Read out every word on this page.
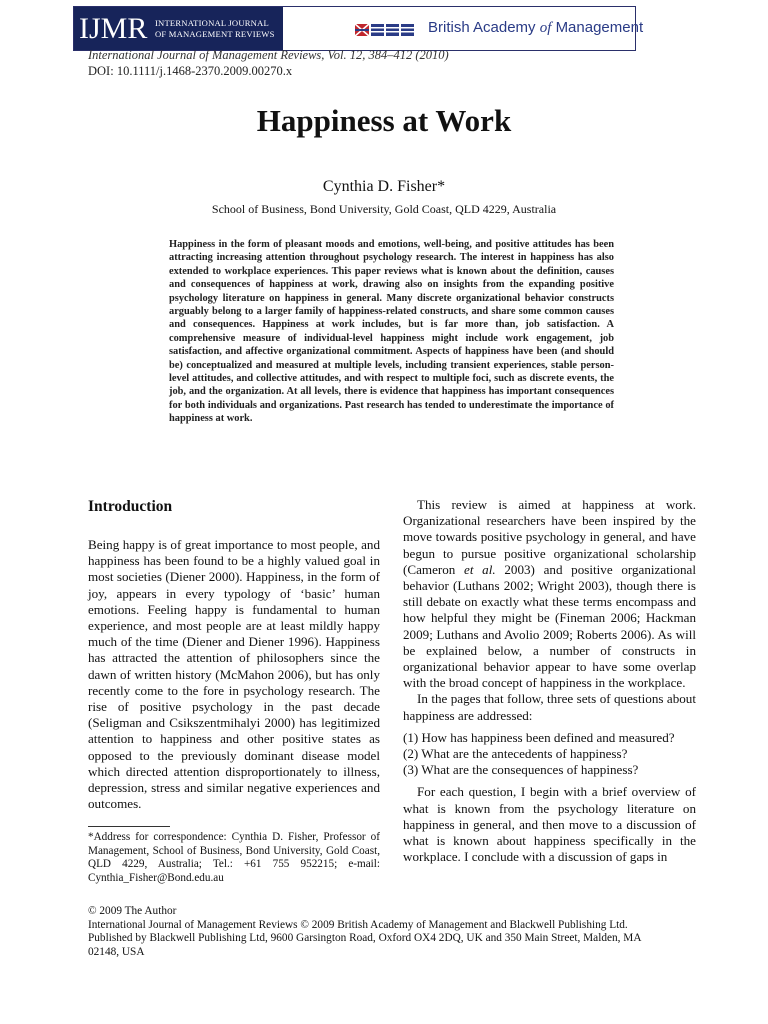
IJMR INTERNATIONAL JOURNAL
OF MANAGEMENT REVIEWS	British Academy of Management
International Journal of Management Reviews, Vol. 12, 384–412 (2010)
DOI: 10.1111/j.1468-2370.2009.00270.x
Happiness at Work
Cynthia D. Fisher*
School of Business, Bond University, Gold Coast, QLD 4229, Australia
Happiness in the form of pleasant moods and emotions, well-being, and positive attitudes has been attracting increasing attention throughout psychology research. The interest in happiness has also extended to workplace experiences. This paper reviews what is known about the definition, causes and consequences of happiness at work, drawing also on insights from the expanding positive psychology literature on happiness in general. Many discrete organizational behavior constructs arguably belong to a larger family of happiness-related constructs, and share some common causes and consequences. Happiness at work includes, but is far more than, job satisfaction. A comprehensive measure of individual-level happiness might include work engagement, job satisfaction, and affective organizational commitment. Aspects of happiness have been (and should be) conceptualized and measured at multiple levels, including transient experiences, stable person-level attitudes, and collective attitudes, and with respect to multiple foci, such as discrete events, the job, and the organization. At all levels, there is evidence that happiness has important consequences for both individuals and organizations. Past research has tended to underestimate the importance of happiness at work.
Introduction

Being happy is of great importance to most people, and happiness has been found to be a highly valued goal in most societies (Diener 2000). Happiness, in the form of joy, appears in every typology of ‘basic’ human emotions. Feeling happy is fundamental to human experience, and most people are at least mildly happy much of the time (Diener and Diener 1996). Happiness has attracted the attention of philosophers since the dawn of written history (McMahon 2006), but has only recently come to the fore in psychology research. The rise of positive psychology in the past decade (Seligman and Csikszentmihalyi 2000) has legitimized attention to happiness and other positive states as opposed to the previously dominant disease model which directed attention disproportionately to illness, depression, stress and similar negative experiences and outcomes.

*Address for correspondence: Cynthia D. Fisher, Professor of Management, School of Business, Bond University, Gold Coast, QLD 4229, Australia; Tel.: +61 755 952215; e-mail: Cynthia_Fisher@Bond.edu.au

This review is aimed at happiness at work. Organizational researchers have been inspired by the move towards positive psychology in general, and have begun to pursue positive organizational scholarship (Cameron et al. 2003) and positive organizational behavior (Luthans 2002; Wright 2003), though there is still debate on exactly what these terms encompass and how helpful they might be (Fineman 2006; Hackman 2009; Luthans and Avolio 2009; Roberts 2006). As will be explained below, a number of constructs in organizational behavior appear to have some overlap with the broad concept of happiness in the workplace.

In the pages that follow, three sets of questions about happiness are addressed:

(1) How has happiness been defined and measured?
(2) What are the antecedents of happiness?
(3) What are the consequences of happiness?

For each question, I begin with a brief overview of what is known from the psychology literature on happiness in general, and then move to a discussion of what is known about happiness specifically in the workplace. I conclude with a discussion of gaps in

© 2009 The Author
International Journal of Management Reviews © 2009 British Academy of Management and Blackwell Publishing Ltd.
Published by Blackwell Publishing Ltd, 9600 Garsington Road, Oxford OX4 2DQ, UK and 350 Main Street, Malden, MA
02148, USA
